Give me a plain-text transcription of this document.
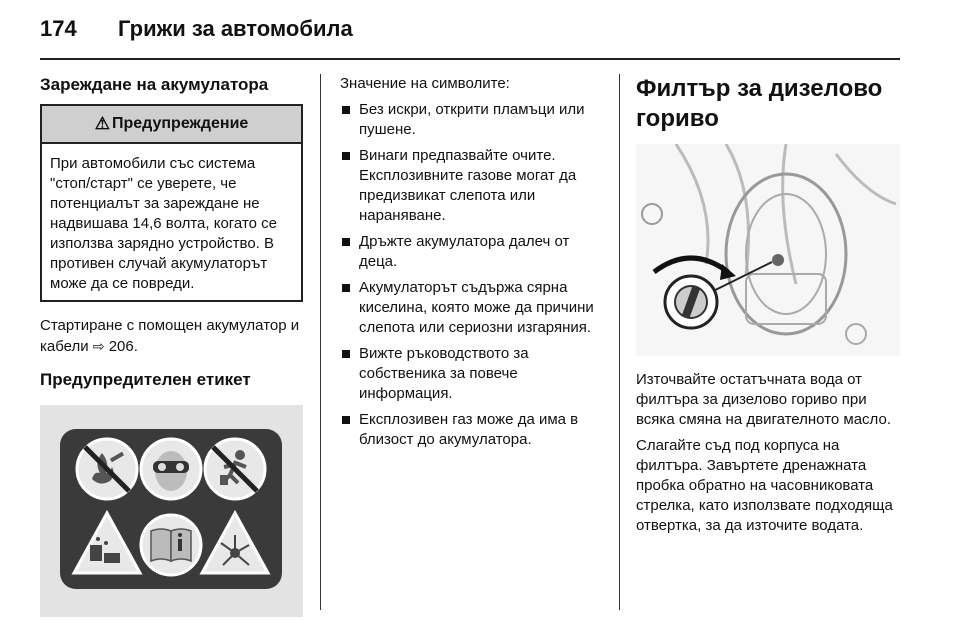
174	Грижи за автомобила
Зареждане на акумулатора
⚠ Предупреждение
При автомобили със система "стоп/старт" се уверете, че потенциалът за зареждане не надвишава 14,6 волта, когато се използва зарядно устройство. В противен случай акумулаторът може да се повреди.

Стартиране с помощен акумулатор и кабели ⇨ 206.

Предупредителен етикет

Значение на символите:

Без искри, открити пламъци или пушене.
Винаги предпазвайте очите. Експлозивните газове могат да предизвикат слепота или нараняване.
Дръжте акумулатора далеч от деца.
Акумулаторът съдържа сярна киселина, която може да причини слепота или сериозни изгаряния.
Вижте ръководството за собственика за повече информация.
Експлозивен газ може да има в близост до акумулатора.
Филтър за дизелово гориво

Източвайте остатъчната вода от филтъра за дизелово гориво при всяка смяна на двигателното масло.

Слагайте съд под корпуса на филтъра. Завъртете дренажната пробка обратно на часовниковата стрелка, като използвате подходяща отвертка, за да източите водата.
